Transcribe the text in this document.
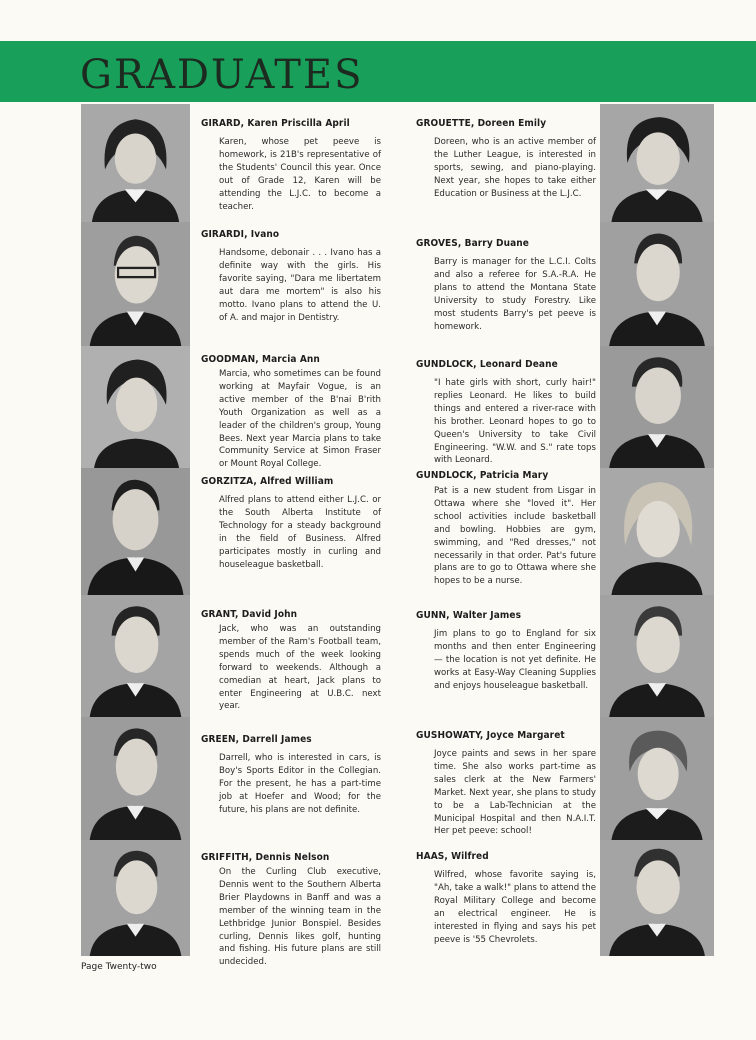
GRADUATES
GIRARD, Karen Priscilla April
Karen, whose pet peeve is homework, is 21B's representative of the Students' Council this year. Once out of Grade 12, Karen will be attending the L.J.C. to become a teacher.
GIRARDI, Ivano
Handsome, debonair . . . Ivano has a definite way with the girls. His favorite saying, "Dara me libertatem aut dara me mortem" is also his motto. Ivano plans to attend the U. of A. and major in Dentistry.
GOODMAN, Marcia Ann
Marcia, who sometimes can be found working at Mayfair Vogue, is an active member of the B'nai B'rith Youth Organization as well as a leader of the children's group, Young Bees. Next year Marcia plans to take Community Service at Simon Fraser or Mount Royal College.
GORZITZA, Alfred William
Alfred plans to attend either L.J.C. or the South Alberta Institute of Technology for a steady background in the field of Business. Alfred participates mostly in curling and houseleague basketball.
GRANT, David John
Jack, who was an outstanding member of the Ram's Football team, spends much of the week looking forward to weekends. Although a comedian at heart, Jack plans to enter Engineering at U.B.C. next year.
GREEN, Darrell James
Darrell, who is interested in cars, is Boy's Sports Editor in the Collegian. For the present, he has a part-time job at Hoefer and Wood; for the future, his plans are not definite.
GRIFFITH, Dennis Nelson
On the Curling Club executive, Dennis went to the Southern Alberta Brier Playdowns in Banff and was a member of the winning team in the Lethbridge Junior Bonspiel. Besides curling, Dennis likes golf, hunting and fishing. His future plans are still undecided.
GROUETTE, Doreen Emily
Doreen, who is an active member of the Luther League, is interested in sports, sewing, and piano-playing. Next year, she hopes to take either Education or Business at the L.J.C.
GROVES, Barry Duane
Barry is manager for the L.C.I. Colts and also a referee for S.A.-R.A. He plans to attend the Montana State University to study Forestry. Like most students Barry's pet peeve is homework.
GUNDLOCK, Leonard Deane
"I hate girls with short, curly hair!" replies Leonard. He likes to build things and entered a river-race with his brother. Leonard hopes to go to Queen's University to take Civil Engineering. "W.W. and S." rate tops with Leonard.
GUNDLOCK, Patricia Mary
Pat is a new student from Lisgar in Ottawa where she "loved it". Her school activities include basketball and bowling. Hobbies are gym, swimming, and "Red dresses," not necessarily in that order. Pat's future plans are to go to Ottawa where she hopes to be a nurse.
GUNN, Walter James
Jim plans to go to England for six months and then enter Engineering — the location is not yet definite. He works at Easy-Way Cleaning Supplies and enjoys houseleague basketball.
GUSHOWATY, Joyce Margaret
Joyce paints and sews in her spare time. She also works part-time as sales clerk at the New Farmers' Market. Next year, she plans to study to be a Lab-Technician at the Municipal Hospital and then N.A.I.T. Her pet peeve: school!
HAAS, Wilfred
Wilfred, whose favorite saying is, "Ah, take a walk!" plans to attend the Royal Military College and become an electrical engineer. He is interested in flying and says his pet peeve is '55 Chevrolets.
Page Twenty-two
